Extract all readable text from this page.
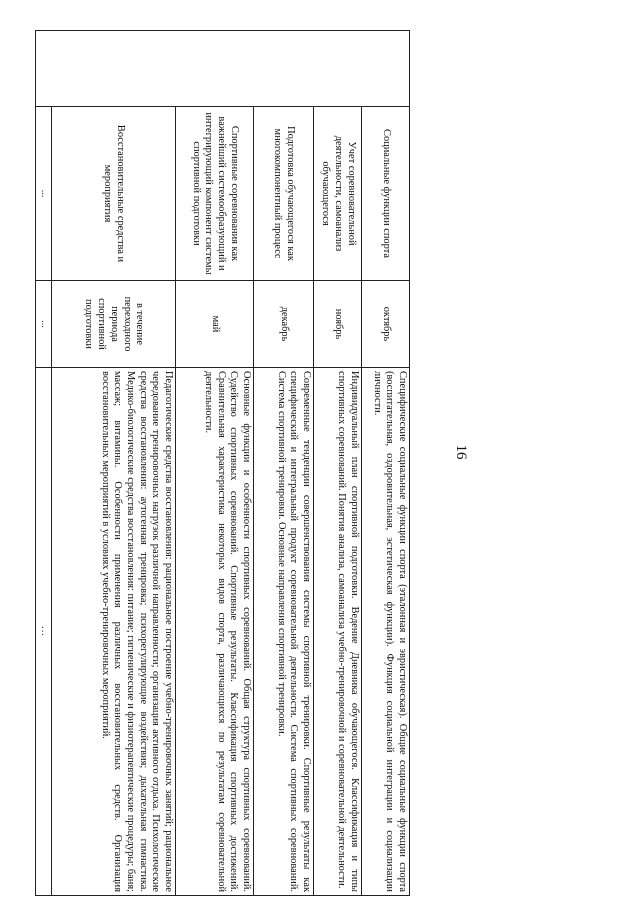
16
	Социальные функции спорта	октябрь	Специфические социальные функции спорта (эталонная и эвристическая). Общие социальные функции спорта (воспитательная, оздоровительная, эстетическая функции). Функция социальной интеграции и социализации личности.
	Учет соревновательной деятельности, самоанализ обучающегося	ноябрь	Индивидуальный план спортивной подготовки. Ведение Дневника обучающегося. Классификация и типы спортивных соревнований. Понятия анализа, самоанализа учебно-тренировочной и соревновательной деятельности.
	Подготовка обучающегося как многокомпонентный процесс	декабрь	Современные тенденции совершенствования системы спортивной тренировки. Спортивные результаты как специфический и интегральный продукт соревновательной деятельности. Система спортивных соревнований. Система спортивной тренировки. Основные направления спортивной тренировки.
	Спортивные соревнования как важнейший системообразующий и интегрирующий компонент системы спортивной подготовки	май	Основные функции и особенности спортивных соревнований. Общая структура спортивных соревнований. Судейство спортивных соревнований. Спортивные результаты. Классификация спортивных достижений. Сравнительная характеристика некоторых видов спорта, различающихся по результатам соревновательной деятельности.
	Восстановительные средства и мероприятия	в течение переходного периода спортивной подготовки	Педагогические средства восстановления: рациональное построение учебно-тренировочных занятий; рациональное чередование тренировочных нагрузок различной направленности; организация активного отдыха. Психологические средства восстановления: аутогенная тренировка; психорегулирующие воздействия; дыхательная гимнастика. Медико-биологические средства восстановления: питание; гигиенические и физиотерапевтические процедуры; баня; массаж; витамины. Особенности применения различных восстановительных средств. Организация восстановительных мероприятий в условиях учебно-тренировочных мероприятий.
	...	...	...
